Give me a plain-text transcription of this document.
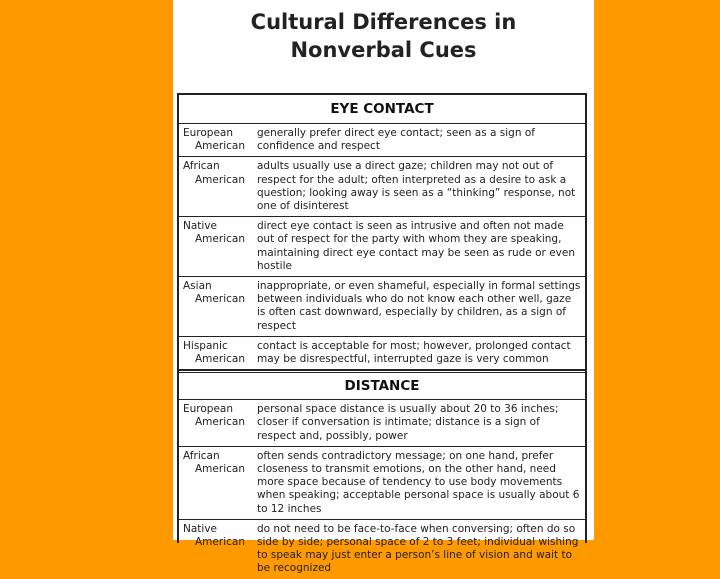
Cultural Differences in
Nonverbal Cues
EYE CONTACT
European
American
generally prefer direct eye contact; seen as a sign of confidence and respect
African
American
adults usually use a direct gaze; children may not out of respect for the adult; often interpreted as a desire to ask a question; looking away is seen as a “thinking” response, not one of disinterest
Native
American
direct eye contact is seen as intrusive and often not made out of respect for the party with whom they are speaking, maintaining direct eye contact may be seen as rude or even hostile
Asian
American
inappropriate, or even shameful, especially in formal settings between individuals who do not know each other well, gaze is often cast downward, especially by children, as a sign of respect
Hispanic
American
contact is acceptable for most; however, prolonged contact may be disrespectful, interrupted gaze is very common
DISTANCE
European
American
personal space distance is usually about 20 to 36 inches; closer if conversation is intimate; distance is a sign of respect and, possibly, power
African
American
often sends contradictory message; on one hand, prefer closeness to transmit emotions, on the other hand, need more space because of tendency to use body movements when speaking; acceptable personal space is usually about 6 to 12 inches
Native
American
do not need to be face-to-face when conversing; often do so side by side; personal space of 2 to 3 feet; individual wishing to speak may just enter a person’s line of vision and wait to be recognized
